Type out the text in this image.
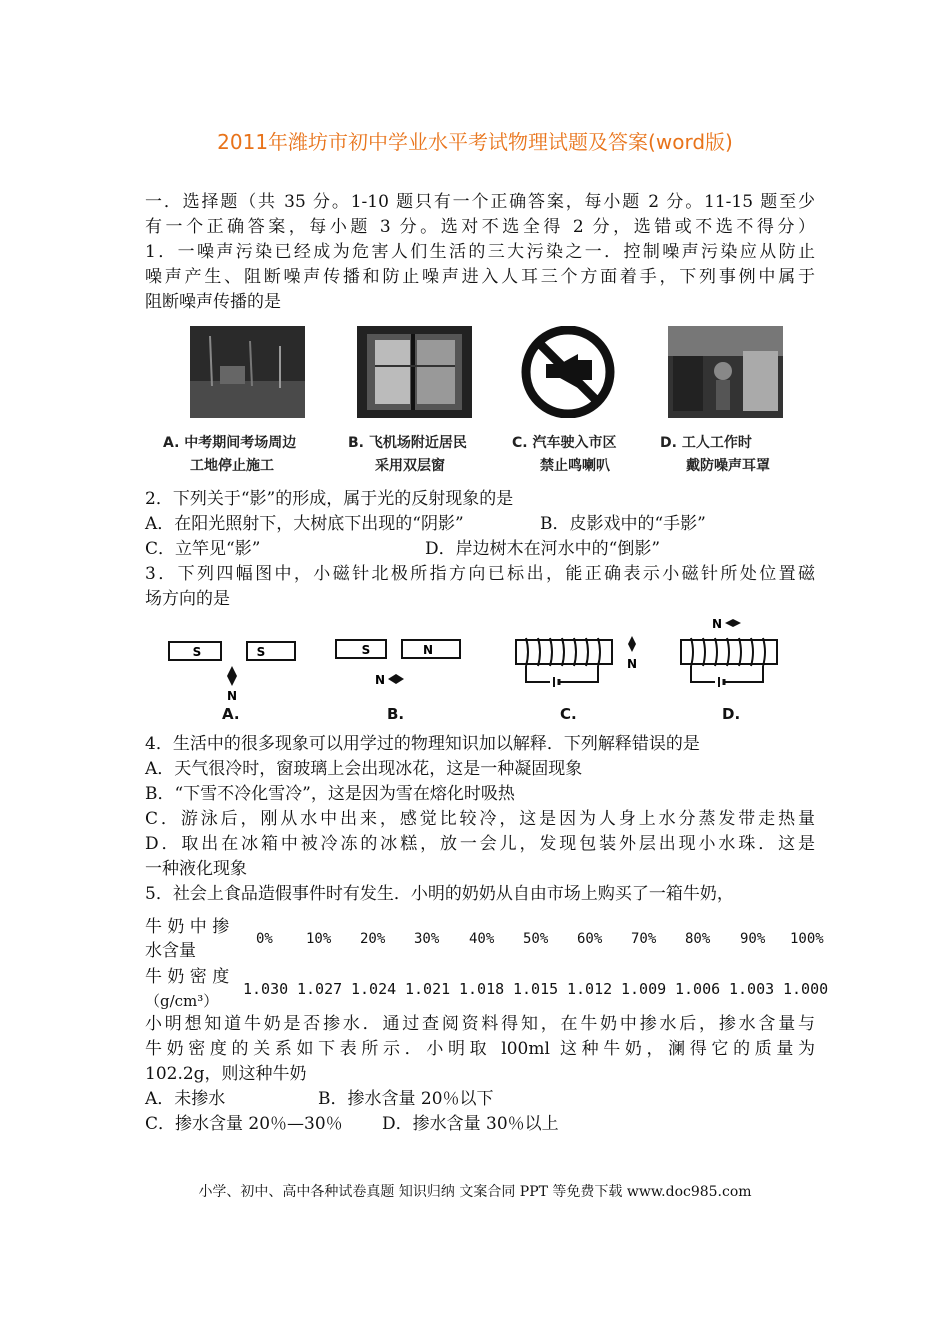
2011年潍坊市初中学业水平考试物理试题及答案(word版)
一．选择题（共 35 分。1-10 题只有一个正确答案，每小题 2 分。11-15 题至少
有一个正确答案，每小题 3 分。选对不选全得 2 分，选错或不选不得分）
1．一噪声污染已经成为危害人们生活的三大污染之一．控制噪声污染应从防止
噪声产生、阻断噪声传播和防止噪声进入人耳三个方面着手，下列事例中属于
阻断噪声传播的是
A. 中考期间考场周边
工地停止施工
B. 飞机场附近居民
采用双层窗
C. 汽车驶入市区
禁止鸣喇叭
D. 工人工作时
戴防噪声耳罩
2．下列关于“影”的形成，属于光的反射现象的是
A．在阳光照射下，大树底下出现的“阴影”	B．皮影戏中的“手影”
C．立竿见“影”	D．岸边树木在河水中的“倒影”
3．下列四幅图中，小磁针北极所指方向已标出，能正确表示小磁针所处位置磁
场方向的是
S	S
N
S	N
N
N
N
A.	B.	C.	D.
4．生活中的很多现象可以用学过的物理知识加以解释．下列解释错误的是
A．天气很冷时，窗玻璃上会出现冰花，这是一种凝固现象
B．“下雪不冷化雪冷”，这是因为雪在熔化时吸热
C．游泳后，刚从水中出来，感觉比较冷，这是因为人身上水分蒸发带走热量
D．取出在冰箱中被冷冻的冰糕，放一会儿，发现包装外层出现小水珠．这是
一种液化现象
5．社会上食品造假事件时有发生．小明的奶奶从自由市场上购买了一箱牛奶，
牛 奶 中 掺
水含量
0% 10% 20% 30% 40% 50% 60% 70% 80% 90% 100%
牛 奶 密 度
（g/cm³）
1.030 1.027 1.024 1.021 1.018 1.015 1.012 1.009 1.006 1.003 1.000
小明想知道牛奶是否掺水．通过查阅资料得知，在牛奶中掺水后，掺水含量与
牛奶密度的关系如下表所示．小明取 l00ml 这种牛奶，澜得它的质量为
102.2g，则这种牛奶
A．未掺水	B．掺水含量 20％以下
C．掺水含量 20％—30％	D．掺水含量 30％以上
小学、初中、高中各种试卷真题 知识归纳 文案合同 PPT 等免费下载 www.doc985.com
